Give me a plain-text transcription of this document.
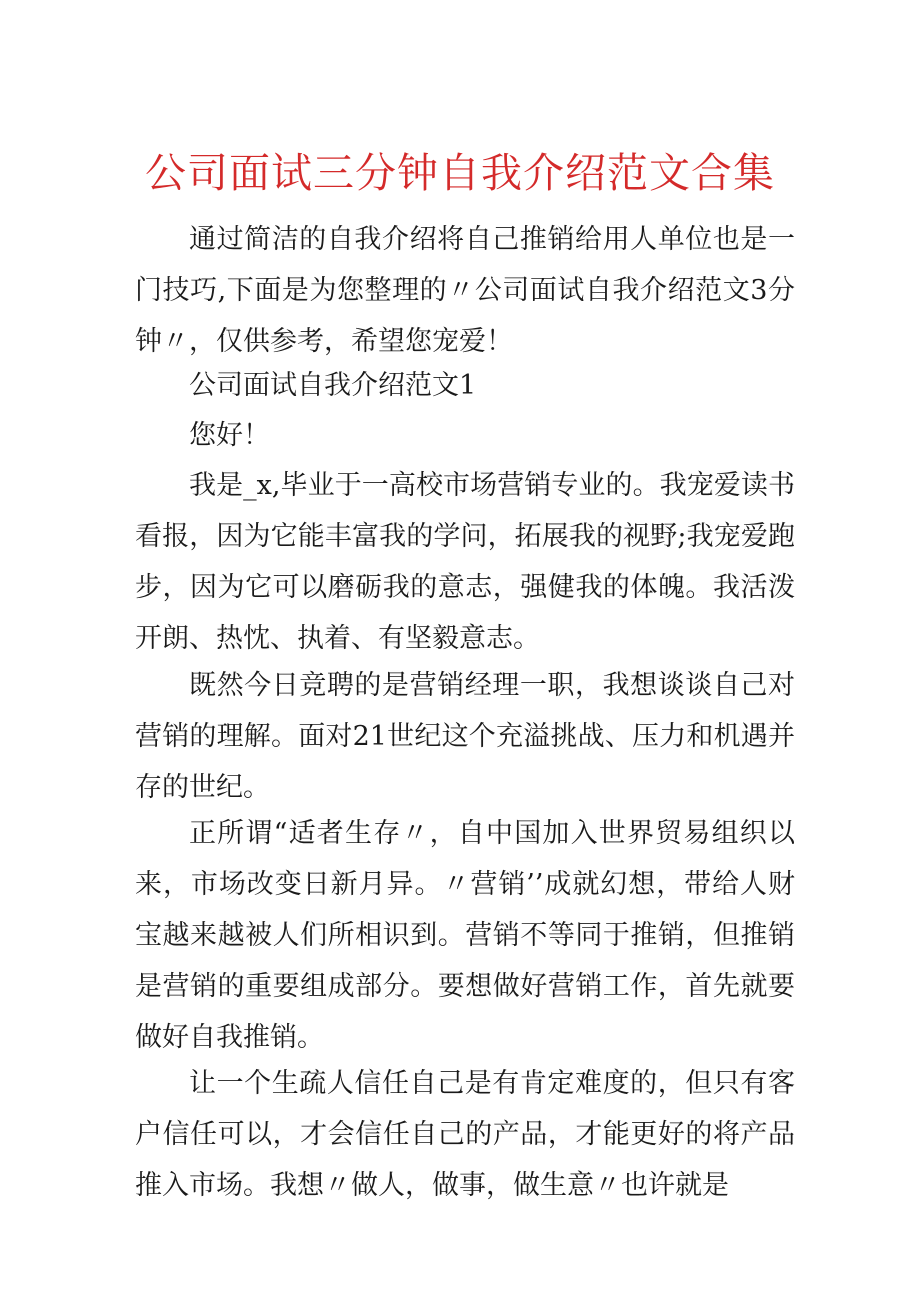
公司面试三分钟自我介绍范文合集

通过简洁的自我介绍将自己推销给用人单位也是一门技巧,下面是为您整理的〃公司面试自我介绍范文3分钟〃，仅供参考，希望您宠爱！

公司面试自我介绍范文1

您好！

我是_x,毕业于一高校市场营销专业的。我宠爱读书看报，因为它能丰富我的学问，拓展我的视野;我宠爱跑步，因为它可以磨砺我的意志，强健我的体魄。我活泼开朗、热忱、执着、有坚毅意志。

既然今日竞聘的是营销经理一职，我想谈谈自己对营销的理解。面对21世纪这个充溢挑战、压力和机遇并存的世纪。

正所谓“适者生存〃，自中国加入世界贸易组织以来，市场改变日新月异。〃营销’’成就幻想，带给人财宝越来越被人们所相识到。营销不等同于推销，但推销是营销的重要组成部分。要想做好营销工作，首先就要做好自我推销。

让一个生疏人信任自己是有肯定难度的，但只有客户信任可以，才会信任自己的产品，才能更好的将产品推入市场。我想〃做人，做事，做生意〃也许就是
